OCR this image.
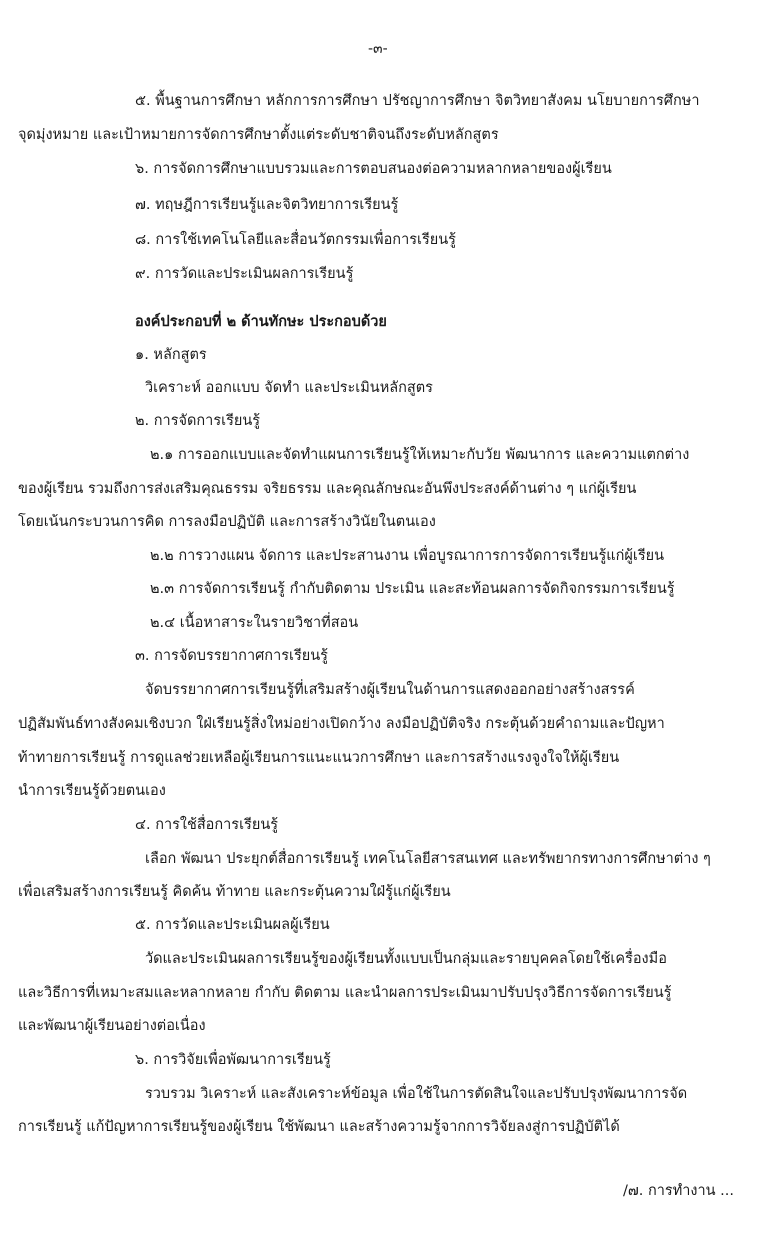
-๓-
๕. พื้นฐานการศึกษา หลักการการศึกษา ปรัชญาการศึกษา จิตวิทยาสังคม นโยบายการศึกษา
จุดมุ่งหมาย และเป้าหมายการจัดการศึกษาตั้งแต่ระดับชาติจนถึงระดับหลักสูตร
๖. การจัดการศึกษาแบบรวมและการตอบสนองต่อความหลากหลายของผู้เรียน
๗. ทฤษฎีการเรียนรู้และจิตวิทยาการเรียนรู้
๘. การใช้เทคโนโลยีและสื่อนวัตกรรมเพื่อการเรียนรู้
๙. การวัดและประเมินผลการเรียนรู้
องค์ประกอบที่ ๒ ด้านทักษะ ประกอบด้วย
๑. หลักสูตร
วิเคราะห์ ออกแบบ จัดทำ และประเมินหลักสูตร
๒. การจัดการเรียนรู้
๒.๑ การออกแบบและจัดทำแผนการเรียนรู้ให้เหมาะกับวัย พัฒนาการ และความแตกต่าง
ของผู้เรียน รวมถึงการส่งเสริมคุณธรรม จริยธรรม และคุณลักษณะอันพึงประสงค์ด้านต่าง ๆ แก่ผู้เรียน
โดยเน้นกระบวนการคิด การลงมือปฏิบัติ และการสร้างวินัยในตนเอง
๒.๒ การวางแผน จัดการ และประสานงาน เพื่อบูรณาการการจัดการเรียนรู้แก่ผู้เรียน
๒.๓ การจัดการเรียนรู้ กำกับติดตาม ประเมิน และสะท้อนผลการจัดกิจกรรมการเรียนรู้
๒.๔ เนื้อหาสาระในรายวิชาที่สอน
๓. การจัดบรรยากาศการเรียนรู้
จัดบรรยากาศการเรียนรู้ที่เสริมสร้างผู้เรียนในด้านการแสดงออกอย่างสร้างสรรค์
ปฏิสัมพันธ์ทางสังคมเชิงบวก ใฝ่เรียนรู้สิ่งใหม่อย่างเปิดกว้าง ลงมือปฏิบัติจริง กระตุ้นด้วยคำถามและปัญหา
ท้าทายการเรียนรู้ การดูแลช่วยเหลือผู้เรียนการแนะแนวการศึกษา และการสร้างแรงจูงใจให้ผู้เรียน
นำการเรียนรู้ด้วยตนเอง
๔. การใช้สื่อการเรียนรู้
เลือก พัฒนา ประยุกต์สื่อการเรียนรู้ เทคโนโลยีสารสนเทศ และทรัพยากรทางการศึกษาต่าง ๆ
เพื่อเสริมสร้างการเรียนรู้ คิดค้น ท้าทาย และกระตุ้นความใฝ่รู้แก่ผู้เรียน
๕. การวัดและประเมินผลผู้เรียน
วัดและประเมินผลการเรียนรู้ของผู้เรียนทั้งแบบเป็นกลุ่มและรายบุคคลโดยใช้เครื่องมือ
และวิธีการที่เหมาะสมและหลากหลาย กำกับ ติดตาม และนำผลการประเมินมาปรับปรุงวิธีการจัดการเรียนรู้
และพัฒนาผู้เรียนอย่างต่อเนื่อง
๖. การวิจัยเพื่อพัฒนาการเรียนรู้
รวบรวม วิเคราะห์ และสังเคราะห์ข้อมูล เพื่อใช้ในการตัดสินใจและปรับปรุงพัฒนาการจัด
การเรียนรู้ แก้ปัญหาการเรียนรู้ของผู้เรียน ใช้พัฒนา และสร้างความรู้จากการวิจัยลงสู่การปฏิบัติได้
/๗. การทำงาน ...
